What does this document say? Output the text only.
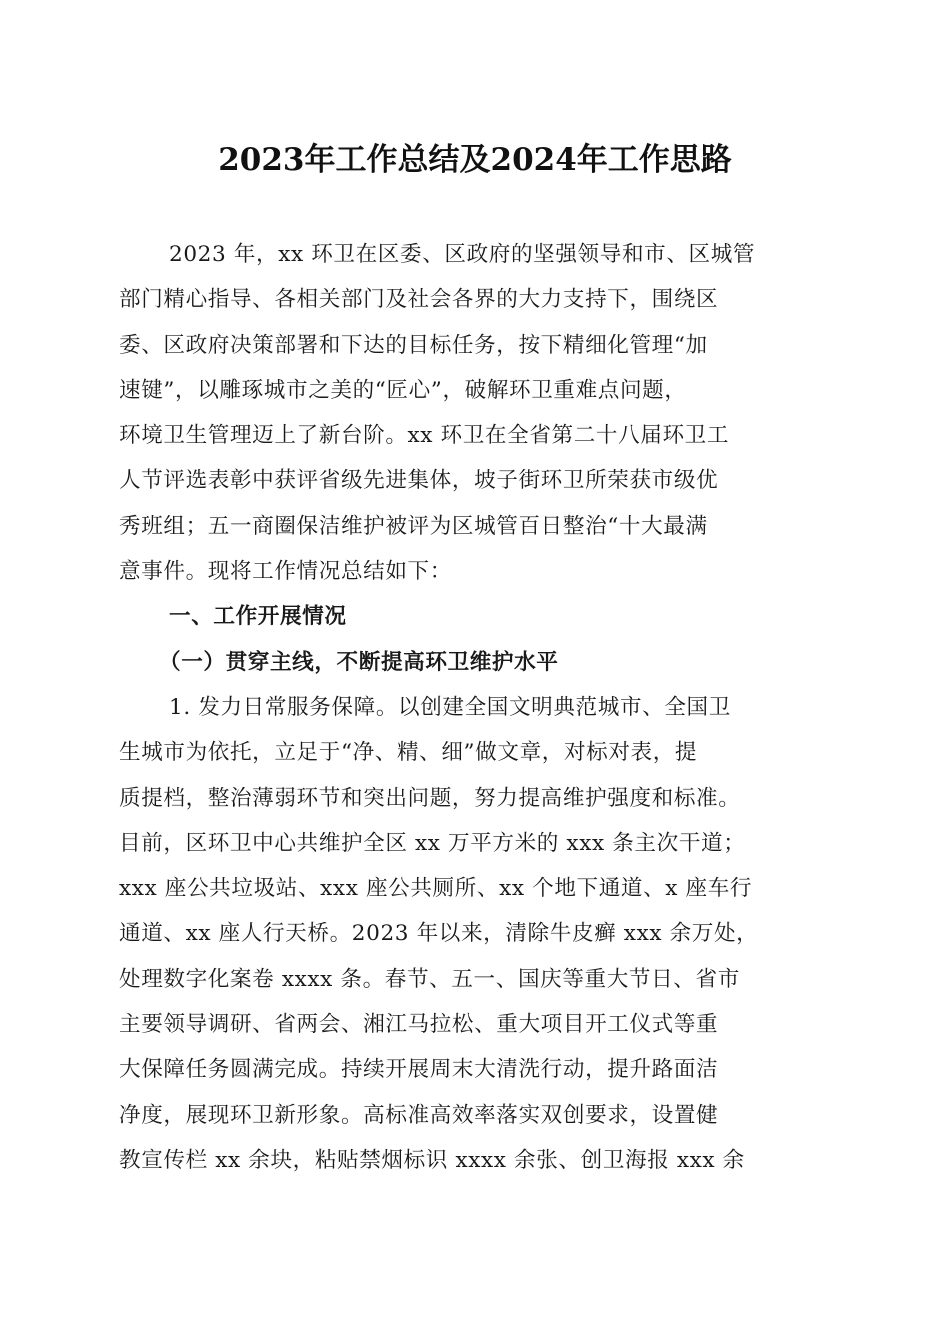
2023年工作总结及2024年工作思路
2023 年，xx 环卫在区委、区政府的坚强领导和市、区城管
部门精心指导、各相关部门及社会各界的大力支持下，围绕区
委、区政府决策部署和下达的目标任务，按下精细化管理“加
速键”，以雕琢城市之美的“匠心”，破解环卫重难点问题，
环境卫生管理迈上了新台阶。xx 环卫在全省第二十八届环卫工
人节评选表彰中获评省级先进集体，坡子街环卫所荣获市级优
秀班组；五一商圈保洁维护被评为区城管百日整治“十大最满
意事件。现将工作情况总结如下：
一、工作开展情况
（一）贯穿主线，不断提高环卫维护水平
1. 发力日常服务保障。以创建全国文明典范城市、全国卫
生城市为依托，立足于“净、精、细”做文章，对标对表，提
质提档，整治薄弱环节和突出问题，努力提高维护强度和标准。
目前，区环卫中心共维护全区 xx 万平方米的 xxx 条主次干道；
xxx 座公共垃圾站、xxx 座公共厕所、xx 个地下通道、x 座车行
通道、xx 座人行天桥。2023 年以来，清除牛皮癣 xxx 余万处，
处理数字化案卷 xxxx 条。春节、五一、国庆等重大节日、省市
主要领导调研、省两会、湘江马拉松、重大项目开工仪式等重
大保障任务圆满完成。持续开展周末大清洗行动，提升路面洁
净度，展现环卫新形象。高标准高效率落实双创要求，设置健
教宣传栏 xx 余块，粘贴禁烟标识 xxxx 余张、创卫海报 xxx 余
